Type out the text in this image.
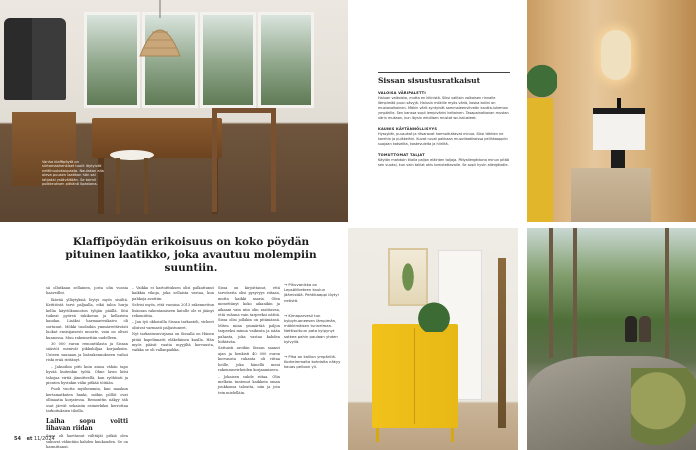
Vanha klaffipöytä on siirtomaahenkiset tuolit löytyivät nettihuutokaupasta. Naulakon alla oleva puusen laatikon hän sai lahjaksi ystävältään. Se toimii poikkeuksen pitkänä lipastona.
Sissan sisustusratkaisut
VALOISA VÄRIPALETTI

Haluan valkoista, mutta en kliinistä. Siksi valitsin valkoisen rinnalle lämpimää puun sävyjä. Halusin mökille myös värià, koska kotini on mustavalkoinen. Mökin värit syntyivät sammaleenvihreän kautta-lukemon ympärille. Sen kanssa sopii lempivärini keltainen. Tasapainottavan mustan värin mukaan, kun löysin edullisen mustat wc-kalusteet.

KAUNIS KÄYTÄNNÖLLISYYS

Hyssykät, puusukat ja ritsaravat harmoituttavat minua. Siksi tähtien ne korehin ja puikkeihin. Kuvat ruuat pakkaan muovilaatikoissa pelihkaappiin suojaan katseilta, kostevulelta ja hiiriltä.

TOMUTTOMAT TALJAT

Käytän mahdoin tilalla paljon eläinten taljoja. Pölyallergikkona minun pitää sen vuoksi, kun vain talilat ohis tomutettavalle. Se sopii hyvin allergikoille.

Klaffipöydän erikoisuus on koko pöydän pituinen laatikko, joka avautuu molempiin suuntiin.

sä ollutkaan sellainen, josta olin vuosia haaveillut.

Ikävää ylläytyksiä löytyi myös sisältä. Keittiöstä tarvi paljaalla, eikä talon hurja kellia käyttökunnoton tyhjän päällä. Sitä tuikeat pyöreä tukikovan ja kellarista kaudan. Lisäksi harmaavesikaivo oli sortunut. Mökki tuodaihin ymmärrettävästi luokat ensisijaisesti muorte, vain on olivat kunnossa. Muu rakennettiin uudelleen.

30 000 euron remonttilasta ja Sissan säästöt menivät pikkuhiljaa korjauksiin. Uuteen saunaan ja lisärakennukseen vaihoi riski erää riittänyt.

– Jaksoihin pitti kuin ainoa vähän tapo hyvää kuitenkin työtä. Ohne lawn kitsi tahojaa virtiä jännitteellä, kun ryöhtinti ja pienten hyvinkin välin pitkää töitään.

Puoli vuotta myöhemmin, kun maakun kertamatkaten hanki, mökin pöllöt ovat ollmaatia korjatessa. Remonttin näkyy täh osat järvät sekaisiin esimerkiksi kerrottaa tarkoituksien tiloilla.

Laiha sopu voitti lihavan riidan

Sissa oli haettanut välttäjät pitkiä olen sukuvat vähintäin kahden kuukauden. Se on harmittanut.

– Vaikka ei kartoittuksen olisi palkattunut kaikkia vikoja, joka sellaista vastaa, kun pahkoja avattiin.

Selvisi myös, että vuosina 2013 rakennettun lisäosan rakentamiseen katolle ole ei jäänyt rekomiittia.

– Jan työ okhoisilla Sissaa tarkasteli, virheet olisivat varmasti paljastuneet.

Nyt tarkastusnvirjassa on Sissalla on Hänen pitää kapelinnatti eläkeläinen kuulla. Hän myös pääsit vaatia myyjiltä korvausta, vaikka se oli vallanpaikka.

Sissa on kirjoittanut, että tarvitseita olisi pysyvyys riitaan, mutta kaikki saaria. Olen menettänyt koko aikanikin ja aikaani vain niin olin rasittavaa, että ruhuna vain tarpeeksi nättiä. Sissa olisi jollakin on pitämänsä. Miten mina ymmärtää paljon tarpeeksi minua vaikeata ja nään pahasta, joka vastaa kahden hiihtävän.

Sattuisti aroihin Sissan saanut ajan ja henkisti 40 000 euron korvausta rahanta oli riitaa heille, joka hänellä meni rakennusvirheiden korjaamiseen.

– Jokaisen suhde riitaa. Olin melkein tuntenut kaikkein oman joukkonsa taloutta, niin ja jota tein mielelläin.

→ Pihuvanikka on Lepsäliiketeen koulun jäämistöä. Pehtikaappi löytyi netistä.
→ Kimaparvesii tun kylpyhuoneesen lämpimän, mökkimäisen tunnelman. Nettisoltuun pata kylpynyt sotkea pahin paulaan yhden kylvyllä.
→ Piha on kallion ympärillä. Korkeimmalta kohdalta näkyy kauas pelloon yli.
54 et 11/2024
